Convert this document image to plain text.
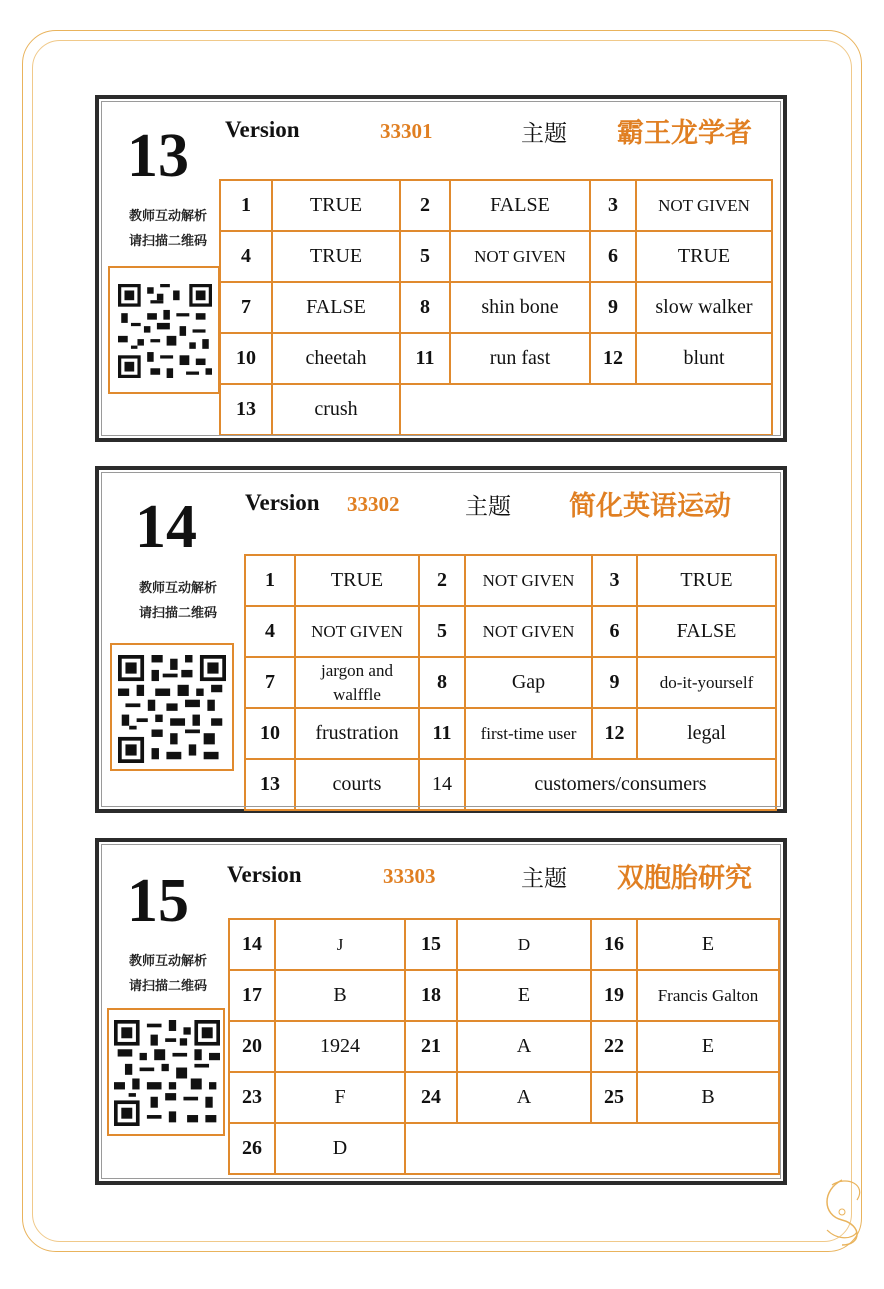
13
教师互动解析
请扫描二维码
Version	33301	主题 霸王龙学者
1	TRUE	2	FALSE	3	NOT GIVEN
4	TRUE	5	NOT GIVEN	6	TRUE
7	FALSE	8	shin bone	9	slow walker
10	cheetah	11	run fast	12	blunt
13	crush				
14
教师互动解析
请扫描二维码
Version 33302	主题 简化英语运动
1	TRUE	2	NOT GIVEN	3	TRUE
4	NOT GIVEN	5	NOT GIVEN	6	FALSE
7	jargon and walffle	8	Gap	9	do-it-yourself
10	frustration	11	first-time user	12	legal
13	courts	14	customers/consumers		
15
教师互动解析
请扫描二维码
Version	33303	主题 双胞胎研究
14	J	15	D	16	E
17	B	18	E	19	Francis Galton
20	1924	21	A	22	E
23	F	24	A	25	B
26	D				
